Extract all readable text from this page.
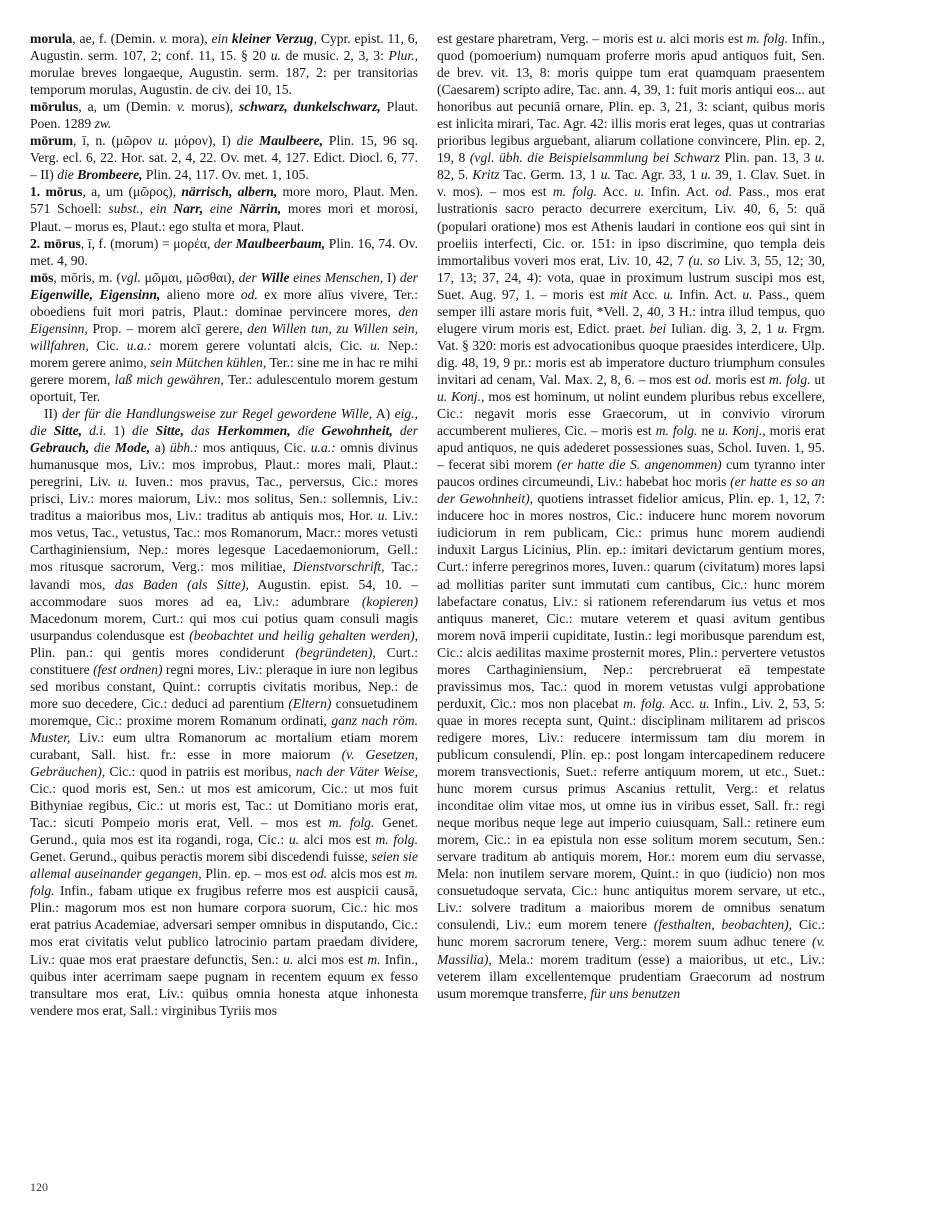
morula, ae, f. (Demin. v. mora), ein kleiner Verzug, Cypr. epist. 11, 6, Augustin. serm. 107, 2; conf. 11, 15. § 20 u. de music. 2, 3, 3: Plur., morulae breves longaeque, Augustin. serm. 187, 2: per transitorias temporum morulas, Augustin. de civ. dei 10, 15.

mōrulus, a, um (Demin. v. morus), schwarz, dunkelschwarz, Plaut. Poen. 1289 zw.

mōrum, ī, n. (μῶρον u. μόρον), I) die Maulbeere, Plin. 15, 96 sq. Verg. ecl. 6, 22. Hor. sat. 2, 4, 22. Ov. met. 4, 127. Edict. Diocl. 6, 77. – II) die Brombeere, Plin. 24, 117. Ov. met. 1, 105.

1. mōrus, a, um (μῶρος), närrisch, albern, more moro, Plaut. Men. 571 Schoell: subst., ein Narr, eine Närrin, mores mori et morosi, Plaut. – morus es, Plaut.: ego stulta et mora, Plaut.

2. mōrus, ī, f. (morum) = μορέα, der Maulbeerbaum, Plin. 16, 74. Ov. met. 4, 90.

mōs, mōris, m. (vgl. μῶμαι, μῶσθαι), der Wille eines Menschen, I) der Eigenwille, Eigensinn, alieno more od. ex more alīus vivere, Ter.: oboediens fuit mori patris, Plaut.: dominae pervincere mores, den Eigensinn, Prop. – morem alcī gerere, den Willen tun, zu Willen sein, willfahren, Cic. u.a.: morem gerere voluntati alcis, Cic. u. Nep.: morem gerere animo, sein Mütchen kühlen, Ter.: sine me in hac re mihi gerere morem, laß mich gewähren, Ter.: adulescentulo morem gestum oportuit, Ter.

II) der für die Handlungsweise zur Regel gewordene Wille, A) eig., die Sitte, d.i. 1) die Sitte, das Herkommen, die Gewohnheit, der Gebrauch, die Mode, a) übh.: mos antiquus, Cic. u.a.: omnis divinus humanusque mos, Liv.: mos improbus, Plaut.: mores mali, Plaut.: peregrini, Liv. u. Iuven.: mos pravus, Tac., perversus, Cic.: mores prisci, Liv.: mores maiorum, Liv.: mos solitus, Sen.: sollemnis, Liv.: traditus a maioribus mos, Liv.: traditus ab antiquis mos, Hor. u. Liv.: mos vetus, Tac., vetustus, Tac.: mos Romanorum, Macr.: mores vetusti Carthaginiensium, Nep.: mores legesque Lacedaemoniorum, Gell.: mos ritusque sacrorum, Verg.: mos militiae, Dienstvorschrift, Tac.: lavandi mos, das Baden (als Sitte), Augustin. epist. 54, 10. – accommodare suos mores ad ea, Liv.: adumbrare (kopieren) Macedonum morem, Curt.: qui mos cui potius quam consuli magis usurpandus colendusque est (beobachtet und heilig gehalten werden), Plin. pan.: qui gentis mores condiderunt (begründeten), Curt.: constituere (fest ordnen) regni mores, Liv.: pleraque in iure non legibus sed moribus constant, Quint.: corruptis civitatis moribus, Nep.: de more suo decedere, Cic.: deduci ad parentium (Eltern) consuetudinem moremque, Cic.: proxime morem Romanum ordinati, ganz nach röm. Muster, Liv.: eum ultra Romanorum ac mortalium etiam morem curabant, Sall. hist. fr.: esse in more maiorum (v. Gesetzen, Gebräuchen), Cic.: quod in patriis est moribus, nach der Väter Weise, Cic.: quod moris est, Sen.: ut mos est amicorum, Cic.: ut mos fuit Bithyniae regibus, Cic.: ut moris est, Tac.: ut Domitiano moris erat, Tac.: sicuti Pompeio moris erat, Vell. – mos est m. folg. Genet. Gerund., quia mos est ita rogandi, roga, Cic.: u. alci mos est m. folg. Genet. Gerund., quibus peractis morem sibi discedendi fuisse, seien sie allemal auseinander gegangen, Plin. ep. – mos est od. alcis mos est m. folg. Infin., fabam utique ex frugibus referre mos est auspicii causā, Plin.: magorum mos est non humare corpora suorum, Cic.: hic mos erat patrius Academiae, adversari semper omnibus in disputando, Cic.: mos erat civitatis velut publico latrocinio partam praedam dividere, Liv.: quae mos erat praestare defunctis, Sen.: u. alci mos est m. Infin., quibus inter acerrimam saepe pugnam in recentem equum ex fesso transultare mos erat, Liv.: quibus omnia honesta atque inhonesta vendere mos erat, Sall.: virginibus Tyriis mos

est gestare pharetram, Verg. – moris est u. alci moris est m. folg. Infin., quod (pomoerium) numquam proferre moris apud antiquos fuit, Sen. de brev. vit. 13, 8: moris quippe tum erat quamquam praesentem (Caesarem) scripto adire, Tac. ann. 4, 39, 1: fuit moris antiqui eos... aut honoribus aut pecuniā ornare, Plin. ep. 3, 21, 3: sciant, quibus moris est inlicita mirari, Tac. Agr. 42: illis moris erat leges, quas ut contrarias prioribus legibus arguebant, aliarum collatione convincere, Plin. ep. 2, 19, 8 (vgl. übh. die Beispielsammlung bei Schwarz Plin. pan. 13, 3 u. 82, 5. Kritz Tac. Germ. 13, 1 u. Tac. Agr. 33, 1 u. 39, 1. Clav. Suet. in v. mos). – mos est m. folg. Acc. u. Infin. Act. od. Pass., mos erat lustrationis sacro peracto decurrere exercitum, Liv. 40, 6, 5: quā (populari oratione) mos est Athenis laudari in contione eos qui sint in proeliis interfecti, Cic. or. 151: in ipso discrimine, quo templa deis immortalibus voveri mos erat, Liv. 10, 42, 7 (u. so Liv. 3, 55, 12; 30, 17, 13; 37, 24, 4): vota, quae in proximum lustrum suscipi mos est, Suet. Aug. 97, 1. – moris est mit Acc. u. Infin. Act. u. Pass., quem semper illi astare moris fuit, *Vell. 2, 40, 3 H.: intra illud tempus, quo elugere virum moris est, Edict. praet. bei Iulian. dig. 3, 2, 1 u. Frgm. Vat. § 320: moris est advocationibus quoque praesides interdicere, Ulp. dig. 48, 19, 9 pr.: moris est ab imperatore ducturo triumphum consules invitari ad cenam, Val. Max. 2, 8, 6. – mos est od. moris est m. folg. ut u. Konj., mos est hominum, ut nolint eundem pluribus rebus excellere, Cic.: negavit moris esse Graecorum, ut in convivio virorum accumberent mulieres, Cic. – moris est m. folg. ne u. Konj., moris erat apud antiquos, ne quis adederet possessiones suas, Schol. Iuven. 1, 95. – fecerat sibi morem (er hatte die S. angenommen) cum tyranno inter paucos ordines circumeundi, Liv.: habebat hoc moris (er hatte es so an der Gewohnheit), quotiens intrasset fidelior amicus, Plin. ep. 1, 12, 7: inducere hoc in mores nostros, Cic.: inducere hunc morem novorum iudiciorum in rem publicam, Cic.: primus hunc morem audiendi induxit Largus Licinius, Plin. ep.: imitari devictarum gentium mores, Curt.: inferre peregrinos mores, Iuven.: quarum (civitatum) mores lapsi ad mollitias pariter sunt immutati cum cantibus, Cic.: hunc morem labefactare conatus, Liv.: si rationem referendarum ius vetus et mos antiquus maneret, Cic.: mutare veterem et quasi avitum gentibus morem novā imperii cupiditate, Iustin.: legi moribusque parendum est, Cic.: alcis aedilitas maxime prosternit mores, Plin.: pervertere vetustos mores Carthaginiensium, Nep.: percrebruerat eā tempestate pravissimus mos, Tac.: quod in morem vetustas vulgi approbatione perduxit, Cic.: mos non placebat m. folg. Acc. u. Infin., Liv. 2, 53, 5: quae in mores recepta sunt, Quint.: disciplinam militarem ad priscos redigere mores, Liv.: reducere intermissum tam diu morem in publicum consulendi, Plin. ep.: post longam intercapedinem reducere morem transvectionis, Suet.: referre antiquum morem, ut etc., Suet.: hunc morem cursus primus Ascanius rettulit, Verg.: et relatus inconditae olim vitae mos, ut omne ius in viribus esset, Sall. fr.: regi neque moribus neque lege aut imperio cuiusquam, Sall.: retinere eum morem, Cic.: in ea epistula non esse solitum morem secutum, Sen.: servare traditum ab antiquis morem, Hor.: morem eum diu servasse, Mela: non inutilem servare morem, Quint.: in quo (iudicio) non mos consuetudoque servata, Cic.: hunc antiquitus morem servare, ut etc., Liv.: solvere traditum a maioribus morem de omnibus senatum consulendi, Liv.: eum morem tenere (festhalten, beobachten), Cic.: hunc morem sacrorum tenere, Verg.: morem suum adhuc tenere (v. Massilia), Mela.: morem traditum (esse) a maioribus, ut etc., Liv.: veterem illam excellentemque prudentiam Graecorum ad nostrum usum moremque transferre, für uns benutzen

120
